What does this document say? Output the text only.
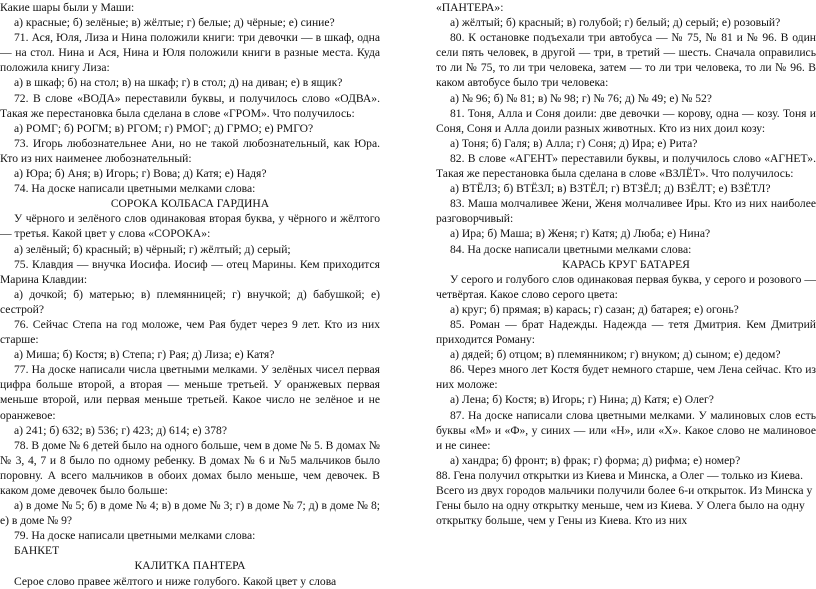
Какие шары были у Маши:

а) красные; б) зелёные; в) жёлтые; г) белые; д) чёрные; е) синие?

71. Ася, Юля, Лиза и Нина положили книги: три девочки — в шкаф, одна — на стол. Нина и Ася, Нина и Юля положили книги в разные места. Куда положила книгу Лиза:

а) в шкаф; б) на стол; в) на шкаф; г) в стол; д) на диван; е) в ящик?

72. В слове «ВОДА» переставили буквы, и получилось слово «ОДВА». Такая же перестановка была сделана в слове «ГРОМ». Что получилось:

а) РОМГ; б) РОГМ; в) РГОМ; г) РМОГ; д) ГРМО; е) РМГО?

73. Игорь любознательнее Ани, но не такой любознательный, как Юра. Кто из них наименее любознательный:

а) Юра; б) Аня; в) Игорь; г) Вова; д) Катя; е) Надя?

74. На доске написали цветными мелками слова:

СОРОКА КОЛБАСА ГАРДИНА

У чёрного и зелёного слов одинаковая вторая буква, у чёрного и жёлтого — третья. Какой цвет у слова «СОРОКА»:

а) зелёный; б) красный; в) чёрный; г) жёлтый; д) серый;

75. Клавдия — внучка Иосифа. Иосиф — отец Марины. Кем приходится Марина Клавдии:

а) дочкой; б) матерью; в) племянницей; г) внучкой; д) бабушкой; е) сестрой?

76. Сейчас Степа на год моложе, чем Рая будет через 9 лет. Кто из них старше:

а) Миша; б) Костя; в) Степа; г) Рая; д) Лиза; е) Катя?

77. На доске написали числа цветными мелками. У зелёных чисел первая цифра больше второй, а вторая — меньше третьей. У оранжевых первая меньше второй, или первая меньше третьей. Какое число не зелёное и не оранжевое:

а) 241; б) 632; в) 536; г) 423; д) 614; е) 378?

78. В доме № 6 детей было на одного больше, чем в доме № 5. В домах №№ 3, 4, 7 и 8 было по одному ребенку. В домах № 6 и №5 мальчиков было поровну. А всего мальчиков в обоих домах было меньше, чем девочек. В каком доме девочек было больше:

а) в доме № 5; б) в доме № 4; в) в доме № 3; г) в доме № 7; д) в доме № 8; е) в доме № 9?

79. На доске написали цветными мелками слова:

БАНКЕТ

КАЛИТКА ПАНТЕРА

Серое слово правее жёлтого и ниже голубого. Какой цвет у слова

«ПАНТЕРА»:

а) жёлтый; б) красный; в) голубой; г) белый; д) серый; е) розовый?

80. К остановке подъехали три автобуса — № 75, № 81 и № 96. В один сели пять человек, в другой — три, в третий — шесть. Сначала оправились то ли № 75, то ли три человека, затем — то ли три человека, то ли № 96. В каком автобусе было три человека:

а) № 96; б) № 81; в) № 98; г) № 76; д) № 49; е) № 52?

81. Тоня, Алла и Соня доили: две девочки — корову, одна — козу. Тоня и Соня, Соня и Алла доили разных животных. Кто из них доил козу:

а) Тоня; б) Галя; в) Алла; г) Соня; д) Ира; е) Рита?

82. В слове «АГЕНТ» переставили буквы, и получилось слово «АГНЕТ». Такая же перестановка была сделана в слове «ВЗЛЁТ». Что получилось:

а) ВТЁЛЗ; б) ВТЁЗЛ; в) ВЗТЁЛ; г) ВТЗЁЛ; д) ВЗЁЛТ; е) ВЗЁТЛ?

83. Маша молчаливее Жени, Женя молчаливее Иры. Кто из них наиболее разговорчивый:

а) Ира; б) Маша; в) Женя; г) Катя; д) Люба; е) Нина?

84. На доске написали цветными мелками слова:

КАРАСЬ КРУГ БАТАРЕЯ

У серого и голубого слов одинаковая первая буква, у серого и розового — четвёртая. Какое слово серого цвета:

а) круг; б) прямая; в) карась; г) сазан; д) батарея; е) огонь?

85. Роман — брат Надежды. Надежда — тетя Дмитрия. Кем Дмитрий приходится Роману:

а) дядей; б) отцом; в) племянником; г) внуком; д) сыном; е) дедом?

86. Через много лет Костя будет немного старше, чем Лена сейчас. Кто из них моложе:

а) Лена; б) Костя; в) Игорь; г) Нина; д) Катя; е) Олег?

87. На доске написали слова цветными мелками. У малиновых слов есть буквы «М» и «Ф», у синих — или «Н», или «Х». Какое слово не малиновое и не синее:

а) хандра; б) фронт; в) фрак; г) форма; д) рифма; е) номер?

88. Гена получил открытки из Киева и Минска, а Олег — только из Киева. Всего из двух городов мальчики получили более 6-и открыток. Из Минска у Гены было на одну открытку меньше, чем из Киева. У Олега было на одну открытку больше, чем у Гены из Киева. Кто из них
